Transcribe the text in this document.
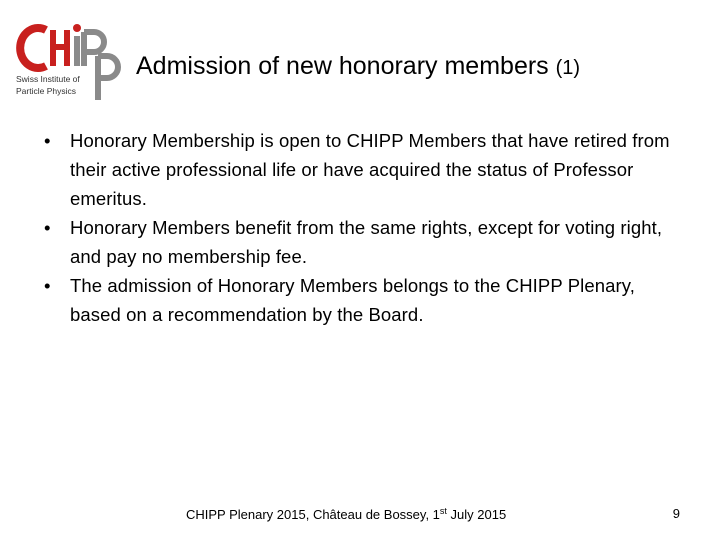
Swiss Institute of
Particle Physics
Admission of new honorary members (1)
• Honorary Membership is open to CHIPP Members that have retired from their active professional life or have acquired the status of Professor emeritus.
• Honorary Members benefit from the same rights, except for voting right, and pay no membership fee.
• The admission of Honorary Members belongs to the CHIPP Plenary, based on a recommendation by the Board.
CHIPP Plenary 2015, Château de Bossey, 1st July 2015	9
